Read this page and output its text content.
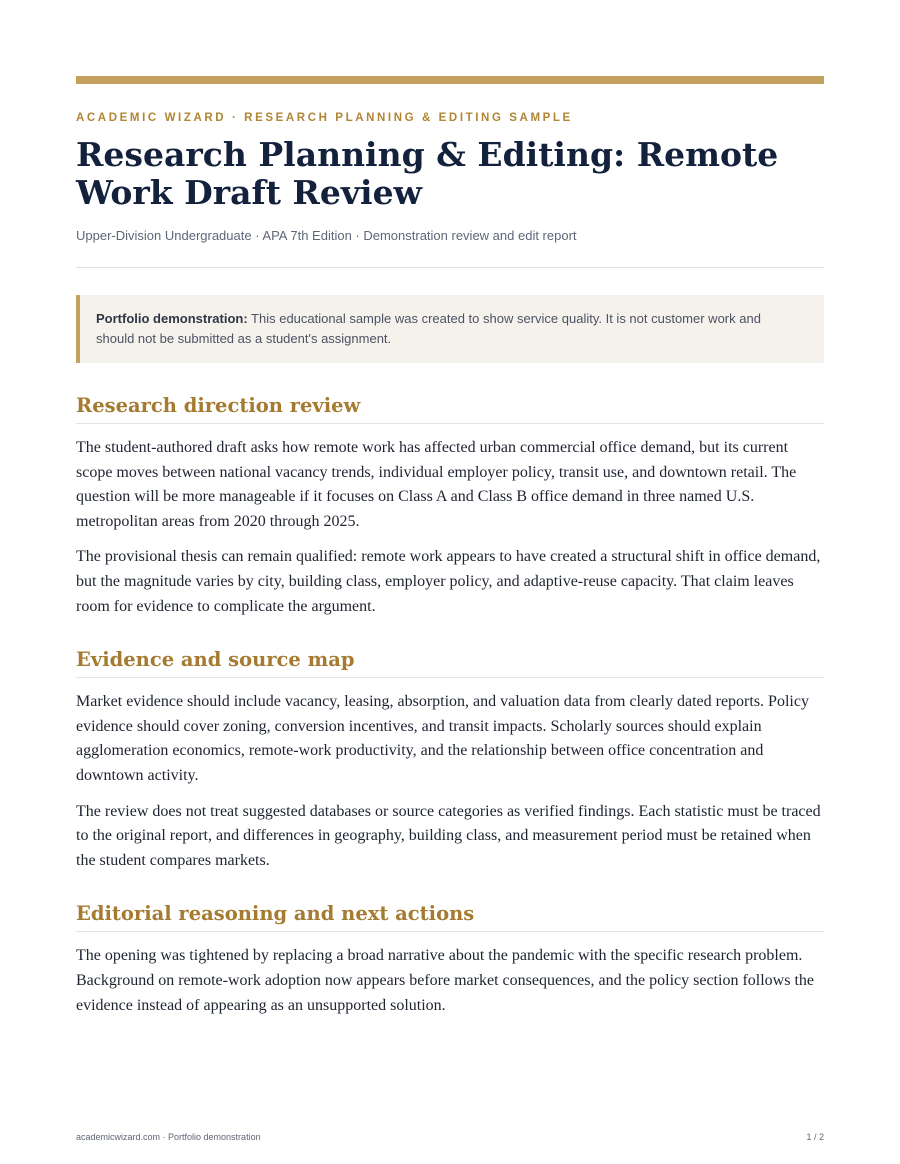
ACADEMIC WIZARD · RESEARCH PLANNING & EDITING SAMPLE
Research Planning & Editing: Remote Work Draft Review
Upper-Division Undergraduate · APA 7th Edition · Demonstration review and edit report
Portfolio demonstration: This educational sample was created to show service quality. It is not customer work and should not be submitted as a student's assignment.
Research direction review

The student-authored draft asks how remote work has affected urban commercial office demand, but its current scope moves between national vacancy trends, individual employer policy, transit use, and downtown retail. The question will be more manageable if it focuses on Class A and Class B office demand in three named U.S. metropolitan areas from 2020 through 2025.

The provisional thesis can remain qualified: remote work appears to have created a structural shift in office demand, but the magnitude varies by city, building class, employer policy, and adaptive-reuse capacity. That claim leaves room for evidence to complicate the argument.

Evidence and source map

Market evidence should include vacancy, leasing, absorption, and valuation data from clearly dated reports. Policy evidence should cover zoning, conversion incentives, and transit impacts. Scholarly sources should explain agglomeration economics, remote-work productivity, and the relationship between office concentration and downtown activity.

The review does not treat suggested databases or source categories as verified findings. Each statistic must be traced to the original report, and differences in geography, building class, and measurement period must be retained when the student compares markets.

Editorial reasoning and next actions

The opening was tightened by replacing a broad narrative about the pandemic with the specific research problem. Background on remote-work adoption now appears before market consequences, and the policy section follows the evidence instead of appearing as an unsupported solution.

academicwizard.com · Portfolio demonstration	1 / 2
